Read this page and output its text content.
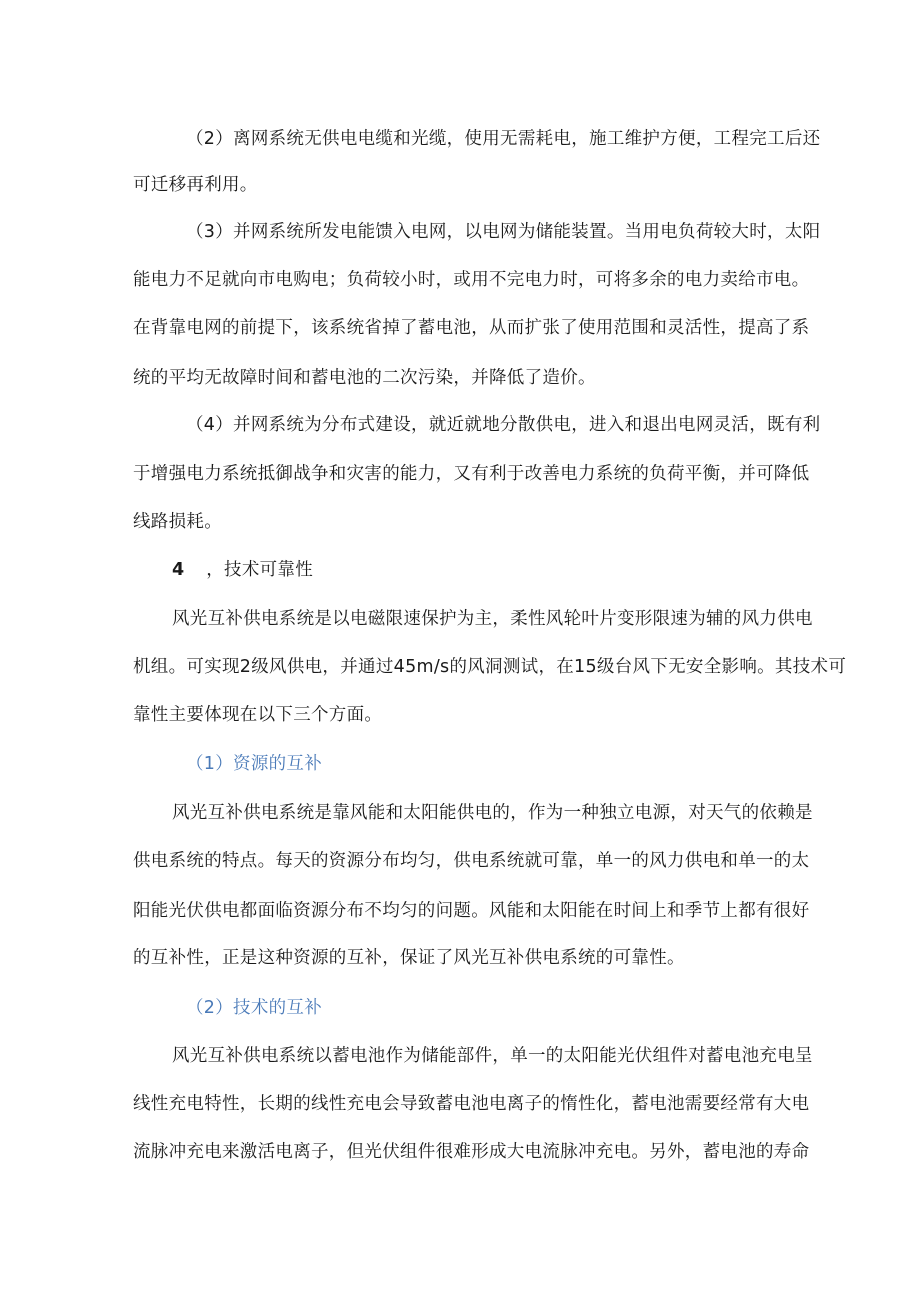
（2）离网系统无供电电缆和光缆，使用无需耗电，施工维护方便，工程完工后还
可迁移再利用。
（3）并网系统所发电能馈入电网，以电网为储能装置。当用电负荷较大时，太阳
能电力不足就向市电购电；负荷较小时，或用不完电力时，可将多余的电力卖给市电。
在背靠电网的前提下，该系统省掉了蓄电池，从而扩张了使用范围和灵活性，提高了系
统的平均无故障时间和蓄电池的二次污染，并降低了造价。
（4）并网系统为分布式建设，就近就地分散供电，进入和退出电网灵活，既有利
于增强电力系统抵御战争和灾害的能力，又有利于改善电力系统的负荷平衡，并可降低
线路损耗。
4 ，技术可靠性
风光互补供电系统是以电磁限速保护为主，柔性风轮叶片变形限速为辅的风力供电
机组。可实现2级风供电，并通过45m/s的风洞测试，在15级台风下无安全影响。其技术可
靠性主要体现在以下三个方面。
（1）资源的互补
风光互补供电系统是靠风能和太阳能供电的，作为一种独立电源，对天气的依赖是
供电系统的特点。每天的资源分布均匀，供电系统就可靠，单一的风力供电和单一的太
阳能光伏供电都面临资源分布不均匀的问题。风能和太阳能在时间上和季节上都有很好
的互补性，正是这种资源的互补，保证了风光互补供电系统的可靠性。
（2）技术的互补
风光互补供电系统以蓄电池作为储能部件，单一的太阳能光伏组件对蓄电池充电呈
线性充电特性，长期的线性充电会导致蓄电池电离子的惰性化，蓄电池需要经常有大电
流脉冲充电来激活电离子，但光伏组件很难形成大电流脉冲充电。另外，蓄电池的寿命
